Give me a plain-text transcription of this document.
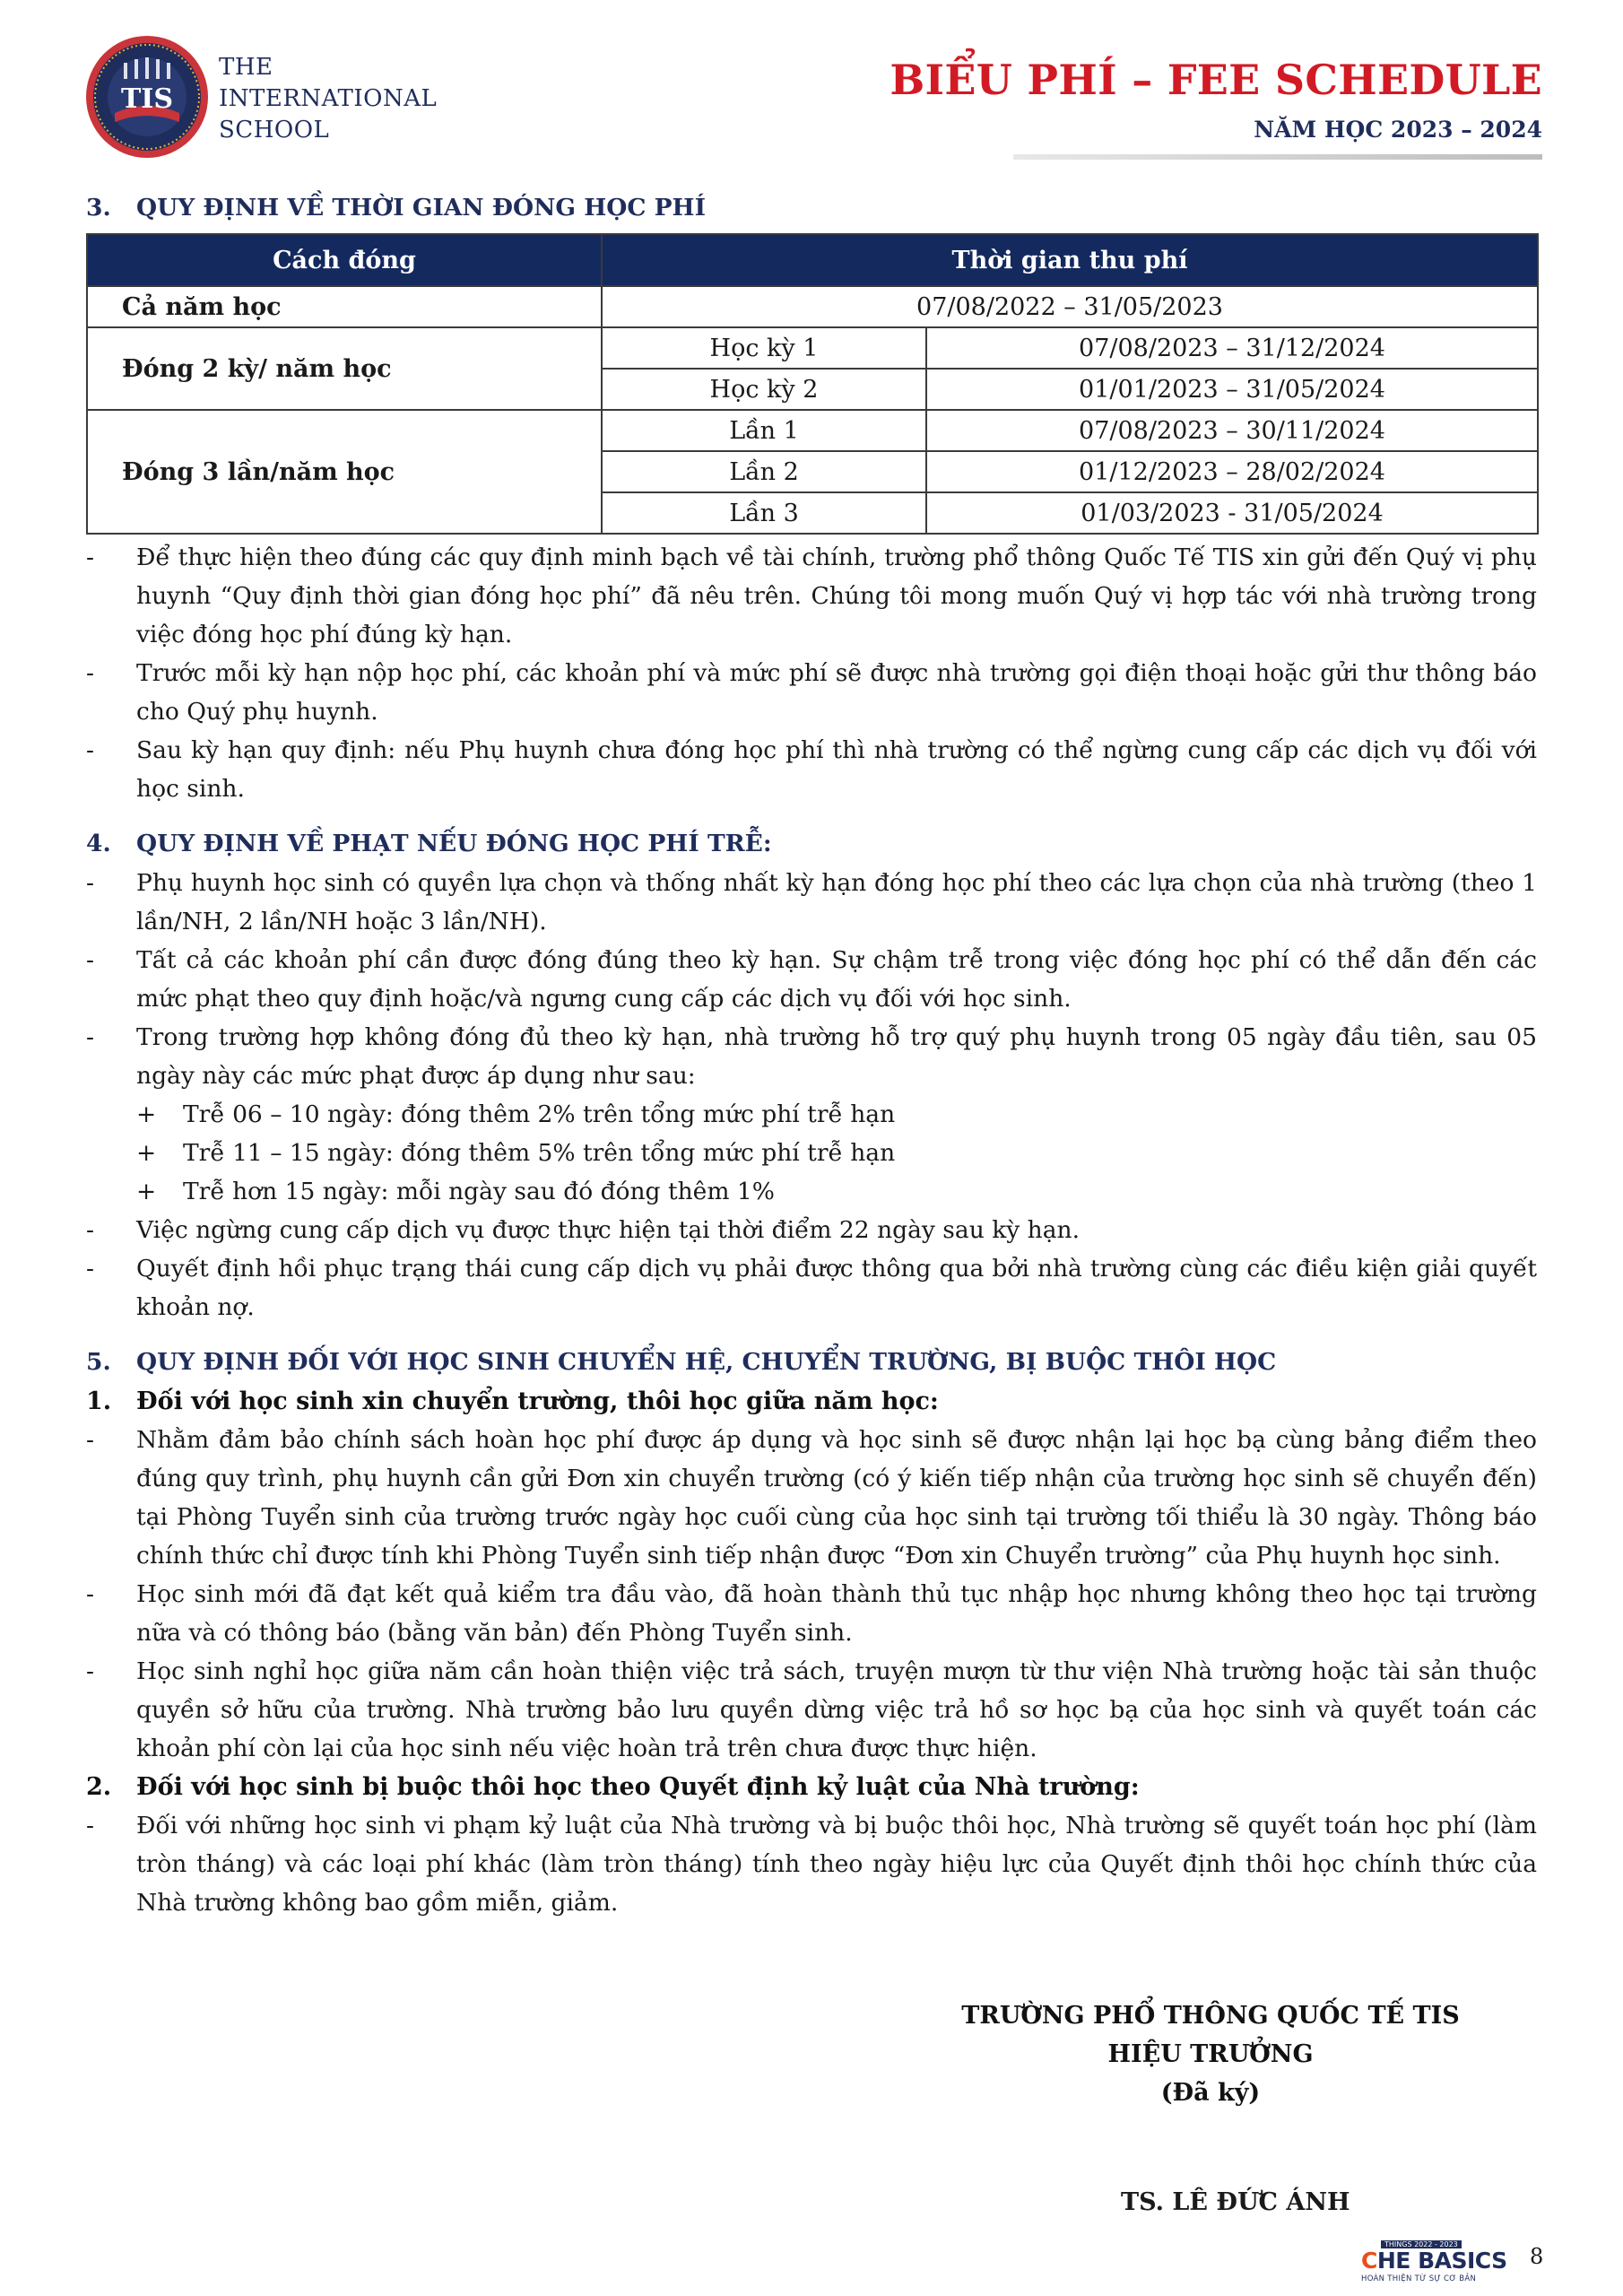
TIS
THE
INTERNATIONAL
SCHOOL
BIỂU PHÍ – FEE SCHEDULE
NĂM HỌC 2023 – 2024
3.	QUY ĐỊNH VỀ THỜI GIAN ĐÓNG HỌC PHÍ
Cách đóng	Thời gian thu phí	
Cả năm học	07/08/2022 – 31/05/2023	
Đóng 2 kỳ/ năm học	Học kỳ 1	07/08/2023 – 31/12/2024
	Học kỳ 2	01/01/2023 – 31/05/2024
Đóng 3 lần/năm học	Lần 1	07/08/2023 – 30/11/2024
	Lần 2	01/12/2023 – 28/02/2024
	Lần 3	01/03/2023 - 31/05/2024
- Để thực hiện theo đúng các quy định minh bạch về tài chính, trường phổ thông Quốc Tế TIS xin gửi đến Quý vị phụ huynh “Quy định thời gian đóng học phí” đã nêu trên. Chúng tôi mong muốn Quý vị hợp tác với nhà trường trong việc đóng học phí đúng kỳ hạn.
- Trước mỗi kỳ hạn nộp học phí, các khoản phí và mức phí sẽ được nhà trường gọi điện thoại hoặc gửi thư thông báo cho Quý phụ huynh.
- Sau kỳ hạn quy định: nếu Phụ huynh chưa đóng học phí thì nhà trường có thể ngừng cung cấp các dịch vụ đối với học sinh.
4.	QUY ĐỊNH VỀ PHẠT NẾU ĐÓNG HỌC PHÍ TRỄ:
- Phụ huynh học sinh có quyền lựa chọn và thống nhất kỳ hạn đóng học phí theo các lựa chọn của nhà trường (theo 1 lần/NH, 2 lần/NH hoặc 3 lần/NH).
- Tất cả các khoản phí cần được đóng đúng theo kỳ hạn. Sự chậm trễ trong việc đóng học phí có thể dẫn đến các mức phạt theo quy định hoặc/và ngưng cung cấp các dịch vụ đối với học sinh.
- Trong trường hợp không đóng đủ theo kỳ hạn, nhà trường hỗ trợ quý phụ huynh trong 05 ngày đầu tiên, sau 05 ngày này các mức phạt được áp dụng như sau:
+ Trễ 06 – 10 ngày: đóng thêm 2% trên tổng mức phí trễ hạn
+ Trễ 11 – 15 ngày: đóng thêm 5% trên tổng mức phí trễ hạn
+ Trễ hơn 15 ngày: mỗi ngày sau đó đóng thêm 1%
- Việc ngừng cung cấp dịch vụ được thực hiện tại thời điểm 22 ngày sau kỳ hạn.
- Quyết định hồi phục trạng thái cung cấp dịch vụ phải được thông qua bởi nhà trường cùng các điều kiện giải quyết khoản nợ.
5.	QUY ĐỊNH ĐỐI VỚI HỌC SINH CHUYỂN HỆ, CHUYỂN TRƯỜNG, BỊ BUỘC THÔI HỌC
1.	Đối với học sinh xin chuyển trường, thôi học giữa năm học:
- Nhằm đảm bảo chính sách hoàn học phí được áp dụng và học sinh sẽ được nhận lại học bạ cùng bảng điểm theo đúng quy trình, phụ huynh cần gửi Đơn xin chuyển trường (có ý kiến tiếp nhận của trường học sinh sẽ chuyển đến) tại Phòng Tuyển sinh của trường trước ngày học cuối cùng của học sinh tại trường tối thiểu là 30 ngày. Thông báo chính thức chỉ được tính khi Phòng Tuyển sinh tiếp nhận được “Đơn xin Chuyển trường” của Phụ huynh học sinh.
- Học sinh mới đã đạt kết quả kiểm tra đầu vào, đã hoàn thành thủ tục nhập học nhưng không theo học tại trường nữa và có thông báo (bằng văn bản) đến Phòng Tuyển sinh.
- Học sinh nghỉ học giữa năm cần hoàn thiện việc trả sách, truyện mượn từ thư viện Nhà trường hoặc tài sản thuộc quyền sở hữu của trường. Nhà trường bảo lưu quyền dừng việc trả hồ sơ học bạ của học sinh và quyết toán các khoản phí còn lại của học sinh nếu việc hoàn trả trên chưa được thực hiện.
2.	Đối với học sinh bị buộc thôi học theo Quyết định kỷ luật của Nhà trường:
- Đối với những học sinh vi phạm kỷ luật của Nhà trường và bị buộc thôi học, Nhà trường sẽ quyết toán học phí (làm tròn tháng) và các loại phí khác (làm tròn tháng) tính theo ngày hiệu lực của Quyết định thôi học chính thức của Nhà trường không bao gồm miễn, giảm.
TRƯỜNG PHỔ THÔNG QUỐC TẾ TIS
HIỆU TRƯỞNG
(Đã ký)
TS. LÊ ĐỨC ÁNH
THINGS 2022 - 2023
CHE BASICS
HOÀN THIỆN TỪ SỰ CƠ BẢN
8
